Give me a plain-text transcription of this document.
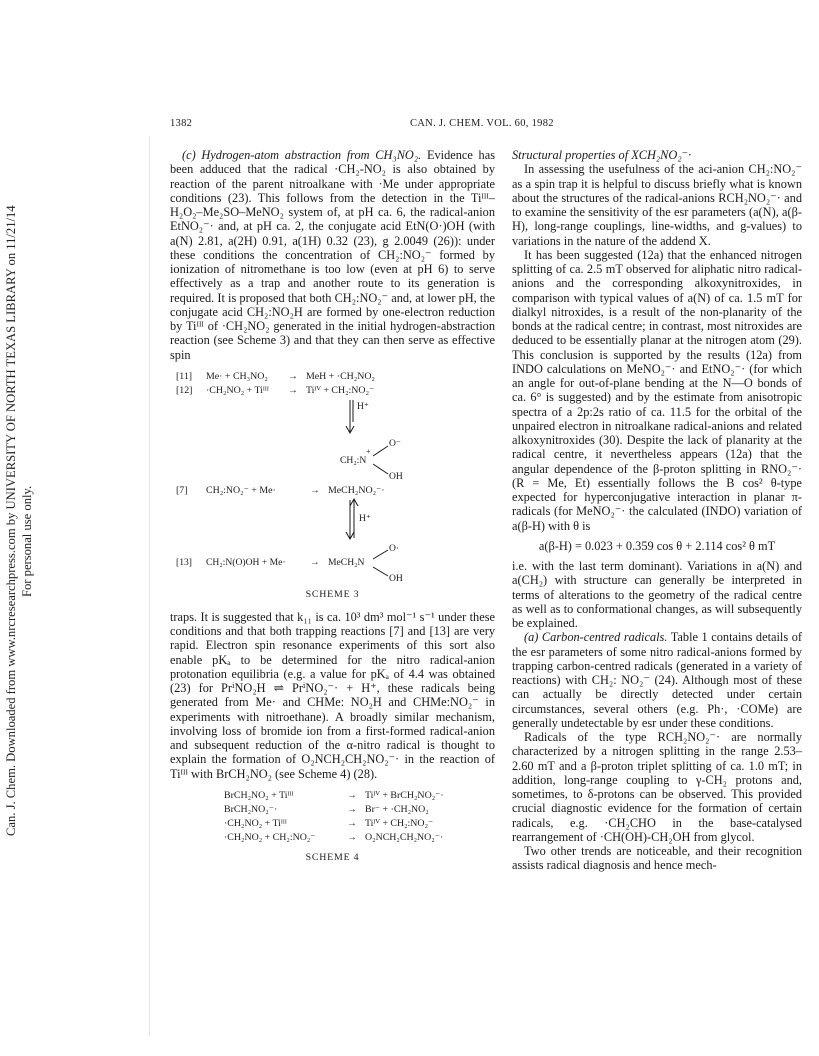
Can. J. Chem. Downloaded from www.nrcresearchpress.com by UNIVERSITY OF NORTH TEXAS LIBRARY on 11/21/14 For personal use only.
1382	CAN. J. CHEM. VOL. 60, 1982

(c) Hydrogen-atom abstraction from CH₃NO₂. Evidence has been adduced that the radical ·CH₂-NO₂ is also obtained by reaction of the parent nitroalkane with ·Me under appropriate conditions (23). This follows from the detection in the Tiᴵᴵᴵ–H₂O₂–Me₂SO–MeNO₂ system of, at pH ca. 6, the radical-anion EtNO₂⁻· and, at pH ca. 2, the conjugate acid EtN(O·)OH (with a(N) 2.81, a(2H) 0.91, a(1H) 0.32 (23), g 2.0049 (26)): under these conditions the concentration of CH₂:NO₂⁻ formed by ionization of nitromethane is too low (even at pH 6) to serve effectively as a trap and another route to its generation is required. It is proposed that both CH₂:NO₂⁻ and, at lower pH, the conjugate acid CH₂:NO₂H are formed by one-electron reduction by Tiᴵᴵᴵ of ·CH₂NO₂ generated in the initial hydrogen-abstraction reaction (see Scheme 3) and that they can then serve as effective spin

[11] Me· + CH₃NO₂ → MeH + ·CH₂NO₂
[12] ·CH₂NO₂ + Tiᴵᴵᴵ → Tiᴵⱽ + CH₂:NO₂⁻
H⁺
CH₂:N
+
O⁻
OH
[7] CH₂:NO₂⁻ + Me·	→ MeCH₂NO₂⁻·
H⁺
[13] CH₂:N(O)OH + Me·	→ MeCH₂N
O·
OH
SCHEME 3

traps. It is suggested that k₁₁ is ca. 10³ dm³ mol⁻¹ s⁻¹ under these conditions and that both trapping reactions [7] and [13] are very rapid. Electron spin resonance experiments of this sort also enable pKₐ to be determined for the nitro radical-anion protonation equilibria (e.g. a value for pKₐ of 4.4 was obtained (23) for PrⁱNO₂H ⇌ PrⁱNO₂⁻· + H⁺, these radicals being generated from Me· and CHMe: NO₂H and CHMe:NO₂⁻ in experiments with nitroethane). A broadly similar mechanism, involving loss of bromide ion from a first-formed radical-anion and subsequent reduction of the α-nitro radical is thought to explain the formation of O₂NCH₂CH₂NO₂⁻· in the reaction of Tiᴵᴵᴵ with BrCH₂NO₂ (see Scheme 4) (28).

BrCH₂NO₂ + Tiᴵᴵᴵ	→ Tiᴵⱽ + BrCH₂NO₂⁻·
BrCH₂NO₂⁻·	→ Br⁻ + ·CH₂NO₂
·CH₂NO₂ + Tiᴵᴵᴵ	→ Tiᴵⱽ + CH₂:NO₂⁻
·CH₂NO₂ + CH₂:NO₂⁻	→ O₂NCH₂CH₂NO₂⁻·
SCHEME 4

Structural properties of XCH₂NO₂⁻·

In assessing the usefulness of the aci-anion CH₂:NO₂⁻ as a spin trap it is helpful to discuss briefly what is known about the structures of the radical-anions RCH₂NO₂⁻· and to examine the sensitivity of the esr parameters (a(N), a(β-H), long-range couplings, line-widths, and g-values) to variations in the nature of the addend X.

It has been suggested (12a) that the enhanced nitrogen splitting of ca. 2.5 mT observed for aliphatic nitro radical-anions and the corresponding alkoxynitroxides, in comparison with typical values of a(N) of ca. 1.5 mT for dialkyl nitroxides, is a result of the non-planarity of the bonds at the radical centre; in contrast, most nitroxides are deduced to be essentially planar at the nitrogen atom (29). This conclusion is supported by the results (12a) from INDO calculations on MeNO₂⁻· and EtNO₂⁻· (for which an angle for out-of-plane bending at the N—O bonds of ca. 6° is suggested) and by the estimate from anisotropic spectra of a 2p:2s ratio of ca. 11.5 for the orbital of the unpaired electron in nitroalkane radical-anions and related alkoxynitroxides (30). Despite the lack of planarity at the radical centre, it nevertheless appears (12a) that the angular dependence of the β-proton splitting in RNO₂⁻· (R = Me, Et) essentially follows the B cos² θ-type expected for hyperconjugative interaction in planar π-radicals (for MeNO₂⁻· the calculated (INDO) variation of a(β-H) with θ is

a(β-H) = 0.023 + 0.359 cos θ + 2.114 cos² θ mT

i.e. with the last term dominant). Variations in a(N) and a(CH₂) with structure can generally be interpreted in terms of alterations to the geometry of the radical centre as well as to conformational changes, as will subsequently be explained.

(a) Carbon-centred radicals. Table 1 contains details of the esr parameters of some nitro radical-anions formed by trapping carbon-centred radicals (generated in a variety of reactions) with CH₂: NO₂⁻ (24). Although most of these can actually be directly detected under certain circumstances, several others (e.g. Ph·, ·COMe) are generally undetectable by esr under these conditions.

Radicals of the type RCH₂NO₂⁻· are normally characterized by a nitrogen splitting in the range 2.53–2.60 mT and a β-proton triplet splitting of ca. 1.0 mT; in addition, long-range coupling to γ-CH₂ protons and, sometimes, to δ-protons can be observed. This provided crucial diagnostic evidence for the formation of certain radicals, e.g. ·CH₂CHO in the base-catalysed rearrangement of ·CH(OH)-CH₂OH from glycol.

Two other trends are noticeable, and their recognition assists radical diagnosis and hence mech-
